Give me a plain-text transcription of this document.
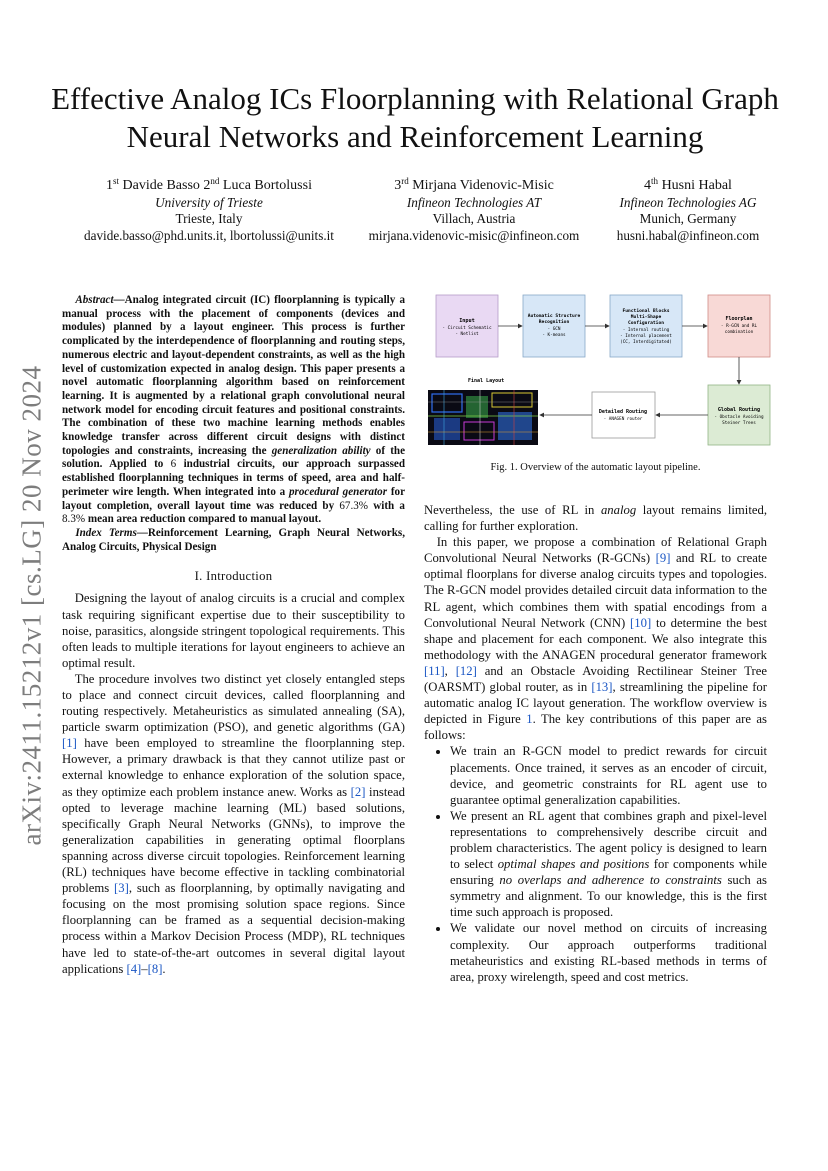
arXiv:2411.15212v1 [cs.LG] 20 Nov 2024
Effective Analog ICs Floorplanning with Relational Graph Neural Networks and Reinforcement Learning
1st Davide Basso 2nd Luca Bortolussi
University of Trieste
Trieste, Italy
davide.basso@phd.units.it, lbortolussi@units.it
3rd Mirjana Videnovic-Misic
Infineon Technologies AT
Villach, Austria
mirjana.videnovic-misic@infineon.com
4th Husni Habal
Infineon Technologies AG
Munich, Germany
husni.habal@infineon.com

Abstract—Analog integrated circuit (IC) floorplanning is typically a manual process with the placement of components (devices and modules) planned by a layout engineer. This process is further complicated by the interdependence of floorplanning and routing steps, numerous electric and layout-dependent constraints, as well as the high level of customization expected in analog design. This paper presents a novel automatic floorplanning algorithm based on reinforcement learning. It is augmented by a relational graph convolutional neural network model for encoding circuit features and positional constraints. The combination of these two machine learning methods enables knowledge transfer across different circuit designs with distinct topologies and constraints, increasing the generalization ability of the solution. Applied to 6 industrial circuits, our approach surpassed established floorplanning techniques in terms of speed, area and half-perimeter wire length. When integrated into a procedural generator for layout completion, overall layout time was reduced by 67.3% with a 8.3% mean area reduction compared to manual layout.

Index Terms—Reinforcement Learning, Graph Neural Networks, Analog Circuits, Physical Design

I. Introduction

Designing the layout of analog circuits is a crucial and complex task requiring significant expertise due to their susceptibility to noise, parasitics, alongside stringent topological requirements. This often leads to multiple iterations for layout engineers to achieve an optimal result.

The procedure involves two distinct yet closely entangled steps to place and connect circuit devices, called floorplanning and routing respectively. Metaheuristics as simulated annealing (SA), particle swarm optimization (PSO), and genetic algorithms (GA) [1] have been employed to streamline the floorplanning step. However, a primary drawback is that they cannot utilize past or external knowledge to enhance exploration of the solution space, as they optimize each problem instance anew. Works as [2] instead opted to leverage machine learning (ML) based solutions, specifically Graph Neural Networks (GNNs), to improve the generalization capabilities in generating optimal floorplans spanning across diverse circuit topologies. Reinforcement learning (RL) techniques have become effective in tackling combinatorial problems [3], such as floorplanning, by optimally navigating and focusing on the most promising solution space regions. Since floorplanning can be framed as a sequential decision-making process within a Markov Decision Process (MDP), RL techniques have led to state-of-the-art outcomes in several digital layout applications [4]–[8].

Input
- Circuit Schematic
- Netlist
Automatic Structure
Recognition
- GCN
- K-means
Functional Blocks
Multi-Shape
Configuration
- Internal routing
- Internal placement
(CC, Interdigitated)
Floorplan
- R-GCN and RL
combination
Global Routing
- Obstacle Avoiding
Steiner Trees
Detailed Routing
- ANAGEN router
Final Layout
Fig. 1. Overview of the automatic layout pipeline.

Nevertheless, the use of RL in analog layout remains limited, calling for further exploration.

In this paper, we propose a combination of Relational Graph Convolutional Neural Networks (R-GCNs) [9] and RL to create optimal floorplans for diverse analog circuits types and topologies. The R-GCN model provides detailed circuit data information to the RL agent, which combines them with spatial encodings from a Convolutional Neural Network (CNN) [10] to determine the best shape and placement for each component. We also integrate this methodology with the ANAGEN procedural generator framework [11], [12] and an Obstacle Avoiding Rectilinear Steiner Tree (OARSMT) global router, as in [13], streamlining the pipeline for automatic analog IC layout generation. The workflow overview is depicted in Figure 1. The key contributions of this paper are as follows:

• We train an R-GCN model to predict rewards for circuit placements. Once trained, it serves as an encoder of circuit, device, and geometric constraints for RL agent use to guarantee optimal generalization capabilities.
• We present an RL agent that combines graph and pixel-level representations to comprehensively describe circuit and problem characteristics. The agent policy is designed to learn to select optimal shapes and positions for components while ensuring no overlaps and adherence to constraints such as symmetry and alignment. To our knowledge, this is the first time such approach is proposed.
• We validate our novel method on circuits of increasing complexity. Our approach outperforms traditional metaheuristics and existing RL-based methods in terms of area, proxy wirelength, speed and cost metrics.
